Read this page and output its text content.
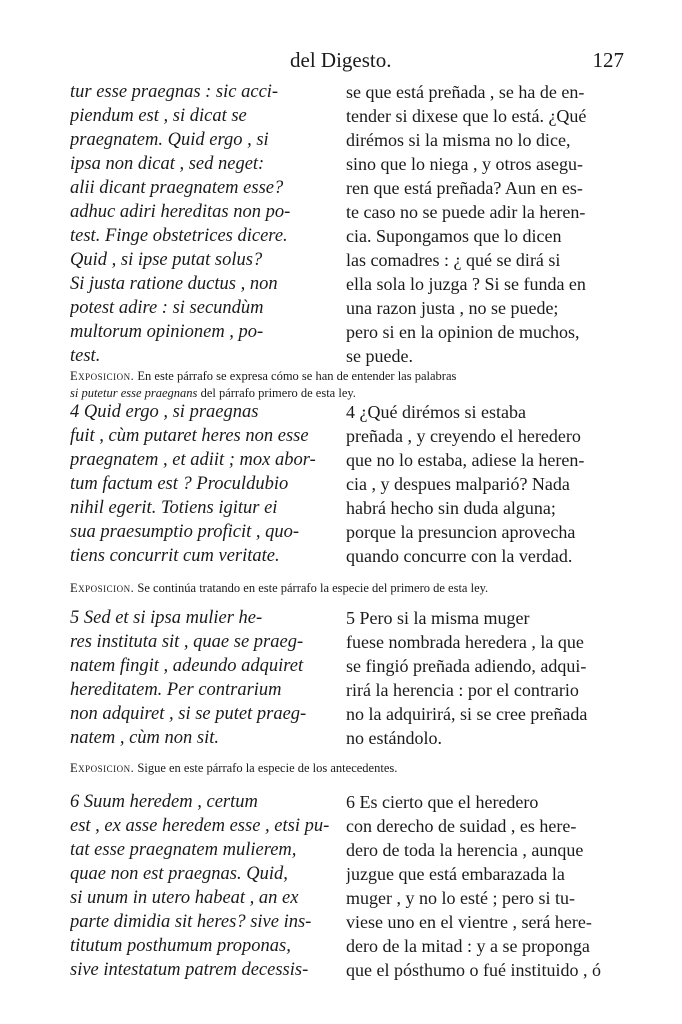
del Digesto.	127
tur esse praegnas : sic acci-
piendum est , si dicat se
praegnatem. Quid ergo , si
ipsa non dicat , sed neget:
alii dicant praegnatem esse?
adhuc adiri hereditas non po-
test. Finge obstetrices dicere.
Quid , si ipse putat solus?
Si justa ratione ductus , non
potest adire : si secundùm
multorum opinionem , po-
test.
se que está preñada , se ha de en-
tender si dixese que lo está. ¿Qué
dirémos si la misma no lo dice,
sino que lo niega , y otros asegu-
ren que está preñada? Aun en es-
te caso no se puede adir la heren-
cia. Supongamos que lo dicen
las comadres : ¿ qué se dirá si
ella sola lo juzga ? Si se funda en
una razon justa , no se puede;
pero si en la opinion de muchos,
se puede.
Exposicion. En este párrafo se expresa cómo se han de entender las palabras
si putetur esse praegnans del párrafo primero de esta ley.
4 Quid ergo , si praegnas
fuit , cùm putaret heres non esse
praegnatem , et adiit ; mox abor-
tum factum est ? Proculdubio
nihil egerit. Totiens igitur ei
sua praesumptio proficit , quo-
tiens concurrit cum veritate.
4 ¿Qué dirémos si estaba
preñada , y creyendo el heredero
que no lo estaba, adiese la heren-
cia , y despues malparió? Nada
habrá hecho sin duda alguna;
porque la presuncion aprovecha
quando concurre con la verdad.
Exposicion. Se continúa tratando en este párrafo la especie del primero de esta ley.
5 Sed et si ipsa mulier he-
res instituta sit , quae se praeg-
natem fingit , adeundo adquiret
hereditatem. Per contrarium
non adquiret , si se putet praeg-
natem , cùm non sit.
5 Pero si la misma muger
fuese nombrada heredera , la que
se fingió preñada adiendo, adqui-
rirá la herencia : por el contrario
no la adquirirá, si se cree preñada
no estándolo.
Exposicion. Sigue en este párrafo la especie de los antecedentes.
6 Suum heredem , certum
est , ex asse heredem esse , etsi pu-
tat esse praegnatem mulierem,
quae non est praegnas. Quid,
si unum in utero habeat , an ex
parte dimidia sit heres? sive ins-
titutum posthumum proponas,
sive intestatum patrem decessis-
6 Es cierto que el heredero
con derecho de suidad , es here-
dero de toda la herencia , aunque
juzgue que está embarazada la
muger , y no lo esté ; pero si tu-
viese uno en el vientre , será here-
dero de la mitad : y a se proponga
que el pósthumo o fué instituido , ó
